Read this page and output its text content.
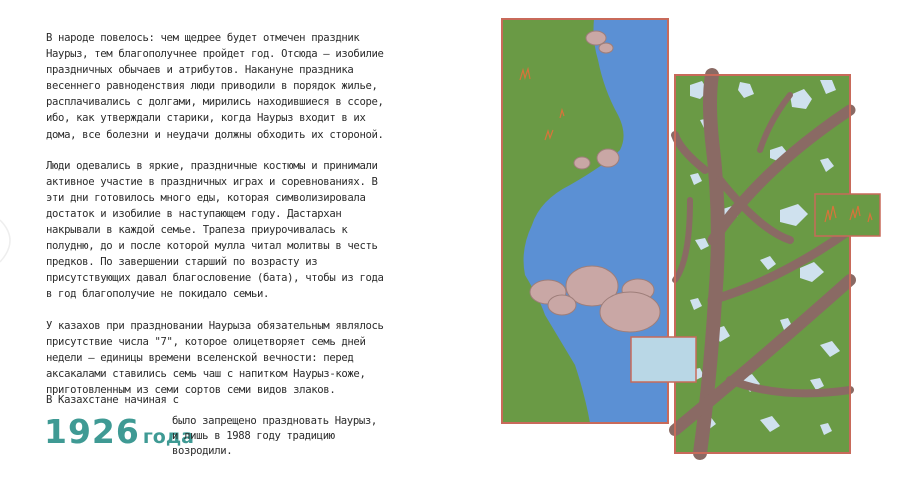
В народе повелось: чем щедрее будет отмечен праздник Наурыз, тем благополучнее пройдет год. Отсюда – изобилие праздничных обычаев и атрибутов. Накануне праздника весеннего равноденствия люди приводили в порядок жилье, расплачивались с долгами, мирились находившиеся в ссоре, ибо, как утверждали старики, когда Наурыз входит в их дома, все болезни и неудачи должны обходить их стороной.

Люди одевались в яркие, праздничные костюмы и принимали активное участие в праздничных играх и соревнованиях. В эти дни готовилось много еды, которая символизировала достаток и изобилие в наступающем году. Дастархан накрывали в каждой семье. Трапеза приурочивалась к полудню, до и после которой мулла читал молитвы в честь предков. По завершении старший по возрасту из присутствующих давал благословение (бата), чтобы из года в год благополучие не покидало семьи.

У казахов при праздновании Наурыза обязательным являлось присутствие числа "7", которое олицетворяет семь дней недели – единицы времени вселенской вечности: перед аксакалами ставились семь чаш с напитком Наурыз-коже, приготовленным из семи сортов семи видов злаков.

В Казахстане начиная с
1926 года
было запрещено праздновать Наурыз, и лишь в 1988 году традицию возродили.
